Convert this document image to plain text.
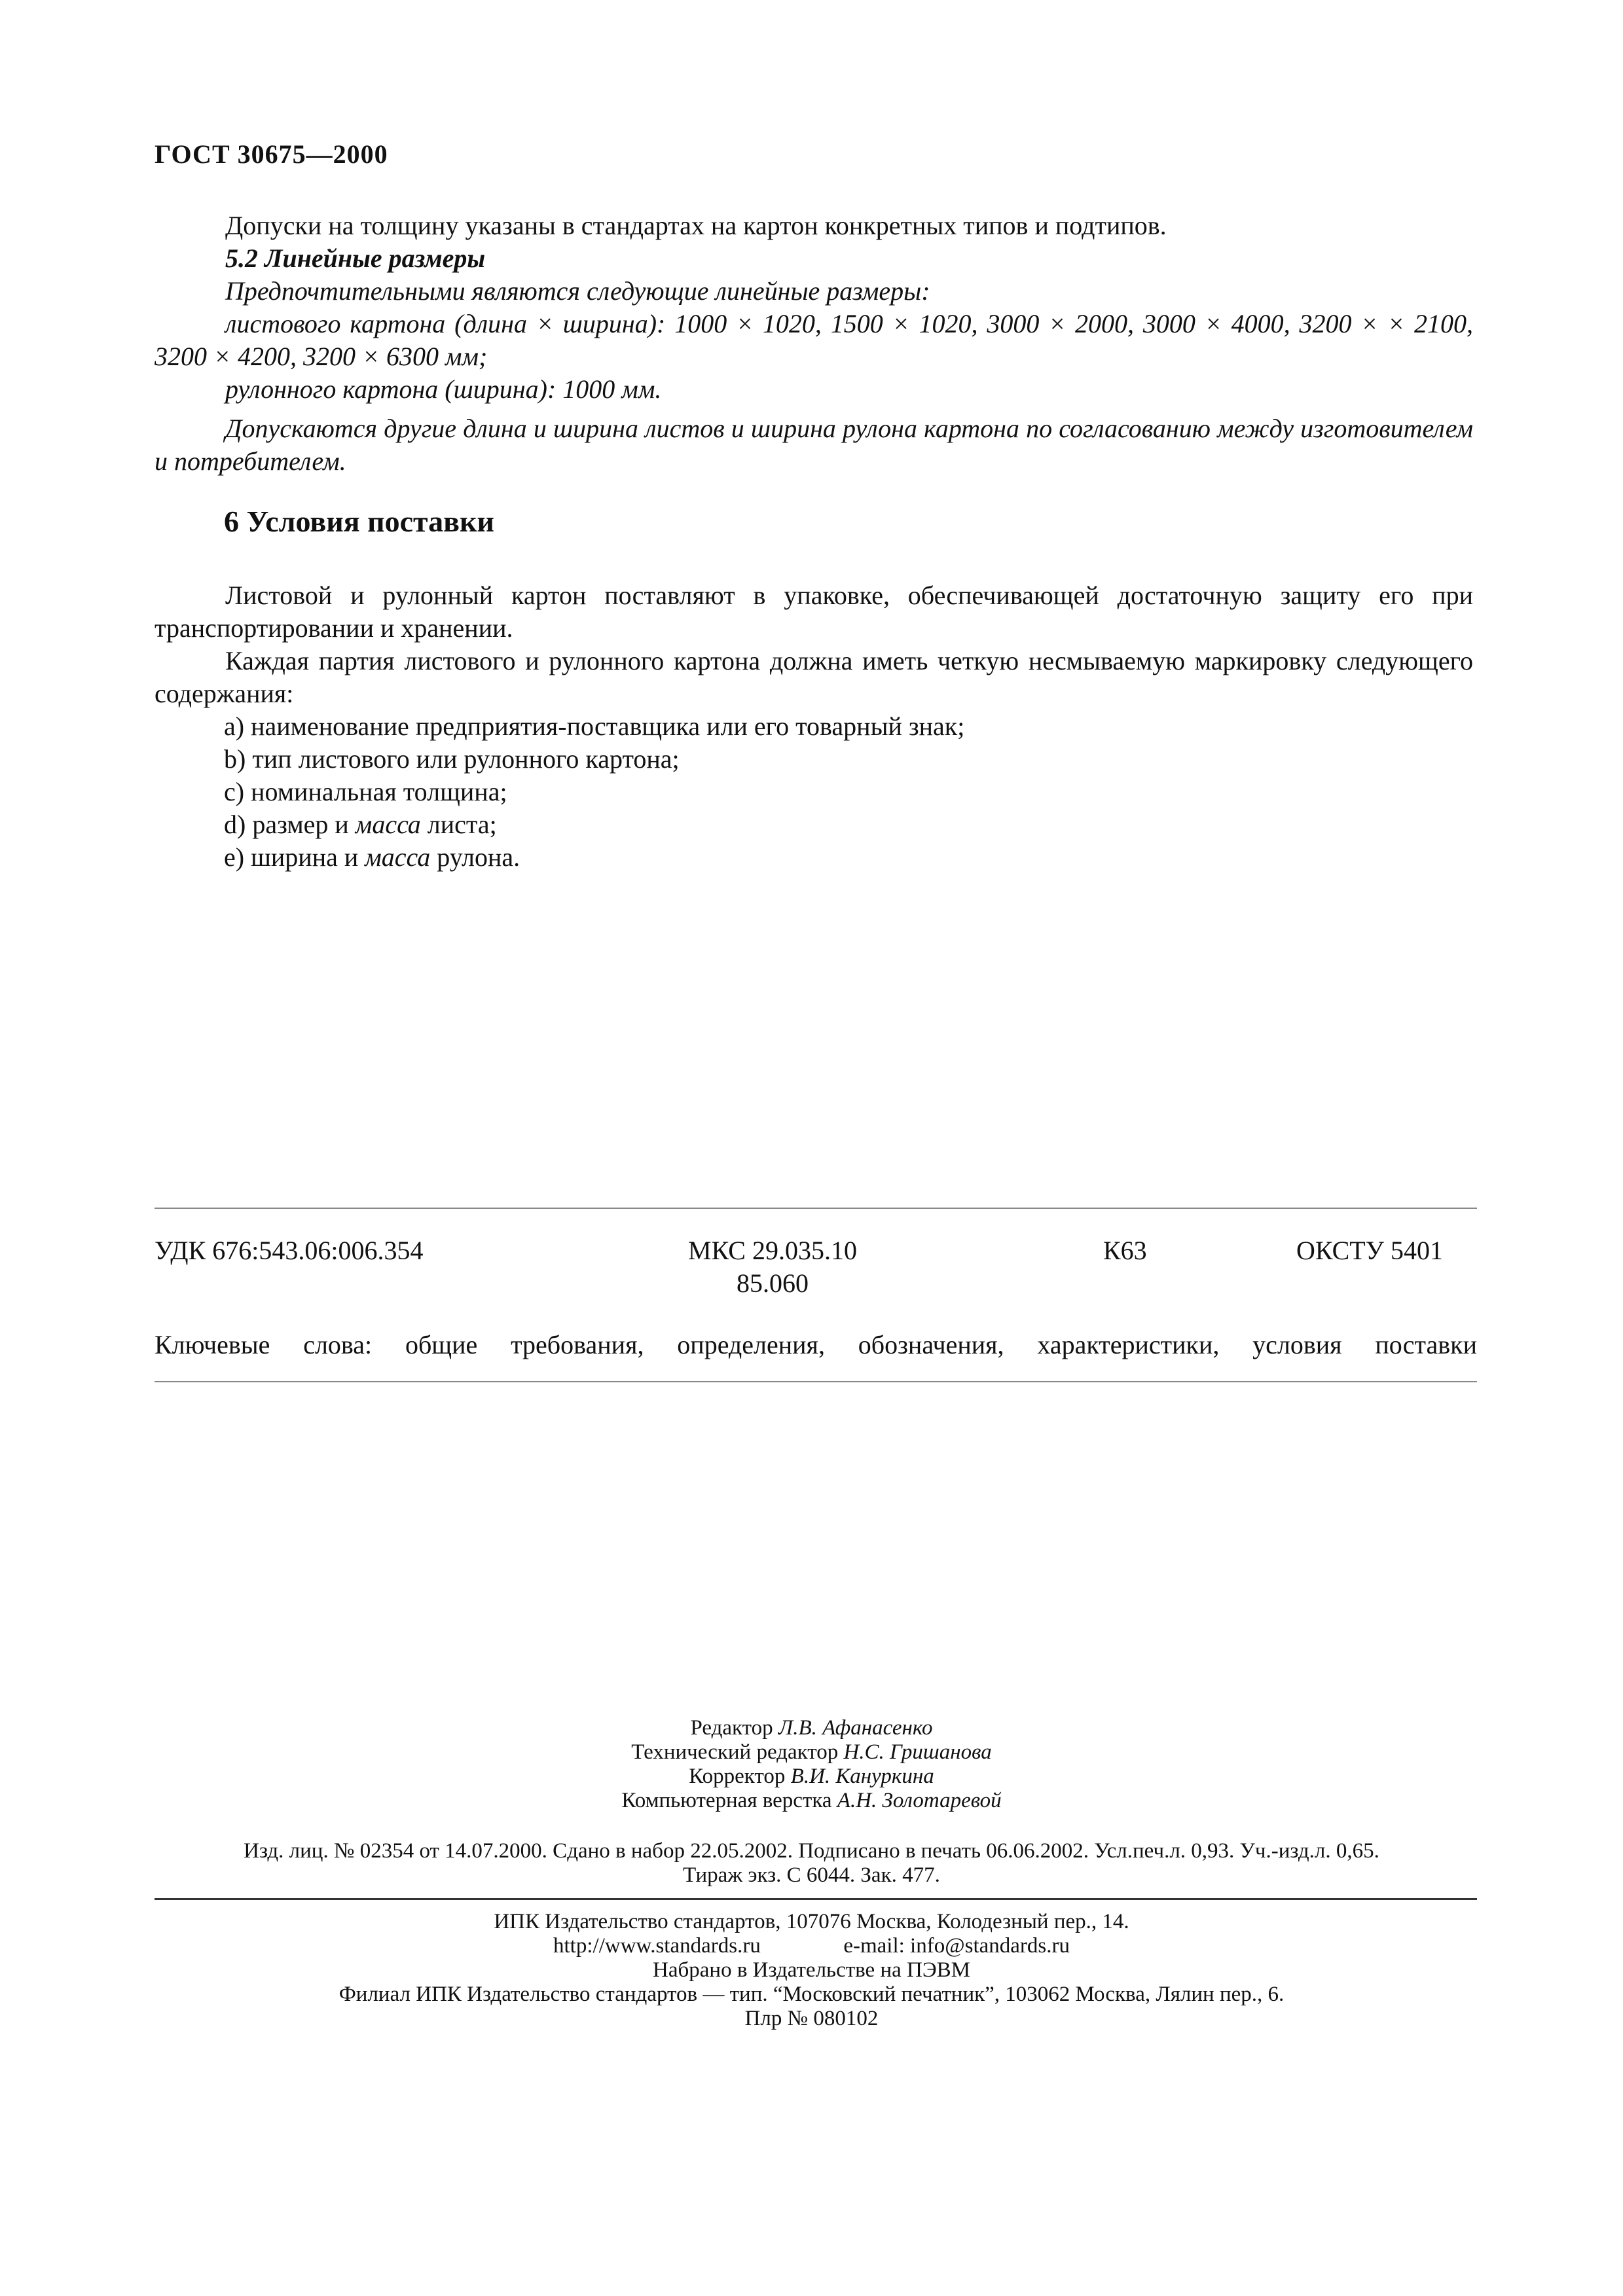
ГОСТ 30675—2000
Допуски на толщину указаны в стандартах на картон конкретных типов и подтипов.
5.2 Линейные размеры
Предпочтительными являются следующие линейные размеры:
листового картона (длина × ширина): 1000 × 1020, 1500 × 1020, 3000 × 2000, 3000 × 4000, 3200 × × 2100, 3200 × 4200, 3200 × 6300 мм;
рулонного картона (ширина): 1000 мм.
Допускаются другие длина и ширина листов и ширина рулона картона по согласованию между изготовителем и потребителем.
6 Условия поставки
Листовой и рулонный картон поставляют в упаковке, обеспечивающей достаточную защиту его при транспортировании и хранении.
Каждая партия листового и рулонного картона должна иметь четкую несмываемую маркировку следующего содержания:
a) наименование предприятия-поставщика или его товарный знак;
b) тип листового или рулонного картона;
c) номинальная толщина;
d) размер и масса листа;
e) ширина и масса рулона.
УДК 676:543.06:006.354	МКС 29.035.10
85.060
К63	ОКСТУ 5401
Ключевые слова: общие требования, определения, обозначения, характеристики, условия поставки
Редактор Л.В. Афанасенко
Технический редактор Н.С. Гришанова
Корректор В.И. Кануркина
Компьютерная верстка А.Н. Золотаревой
Изд. лиц. № 02354 от 14.07.2000. Сдано в набор 22.05.2002. Подписано в печать 06.06.2002. Усл.печ.л. 0,93. Уч.-изд.л. 0,65.
Тираж экз. С 6044. Зак. 477.
ИПК Издательство стандартов, 107076 Москва, Колодезный пер., 14.
http://www.standards.ru	e-mail: info@standards.ru
Набрано в Издательстве на ПЭВМ
Филиал ИПК Издательство стандартов — тип. “Московский печатник”, 103062 Москва, Лялин пер., 6.
Плр № 080102
